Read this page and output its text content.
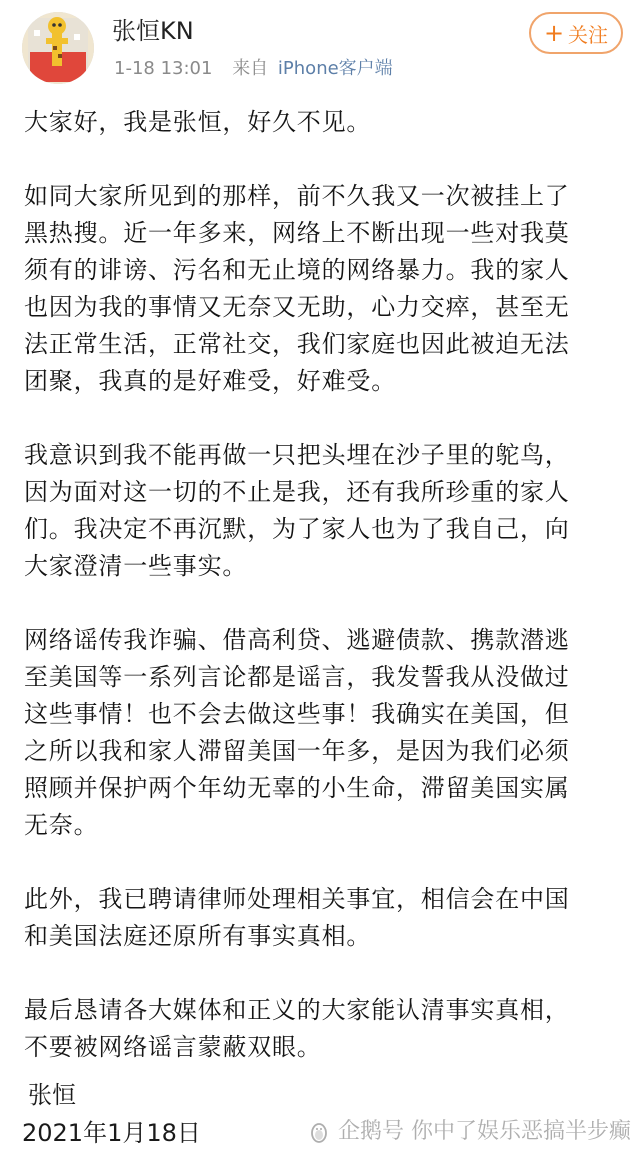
张恒KN
1-18 13:01 来自 iPhone客户端
+ 关注

大家好，我是张恒，好久不见。

如同大家所见到的那样，前不久我又一次被挂上了
黑热搜。近一年多来，网络上不断出现一些对我莫
须有的诽谤、污名和无止境的网络暴力。我的家人
也因为我的事情又无奈又无助，心力交瘁，甚至无
法正常生活，正常社交，我们家庭也因此被迫无法
团聚，我真的是好难受，好难受。

我意识到我不能再做一只把头埋在沙子里的鸵鸟，
因为面对这一切的不止是我，还有我所珍重的家人
们。我决定不再沉默，为了家人也为了我自己，向
大家澄清一些事实。

网络谣传我诈骗、借高利贷、逃避债款、携款潜逃
至美国等一系列言论都是谣言，我发誓我从没做过
这些事情！也不会去做这些事！我确实在美国，但
之所以我和家人滞留美国一年多，是因为我们必须
照顾并保护两个年幼无辜的小生命，滞留美国实属
无奈。

此外，我已聘请律师处理相关事宜，相信会在中国
和美国法庭还原所有事实真相。

最后恳请各大媒体和正义的大家能认清事实真相，
不要被网络谣言蒙蔽双眼。

张恒
2021年1月18日	企鹅号 你中了娱乐恶搞半步癫
